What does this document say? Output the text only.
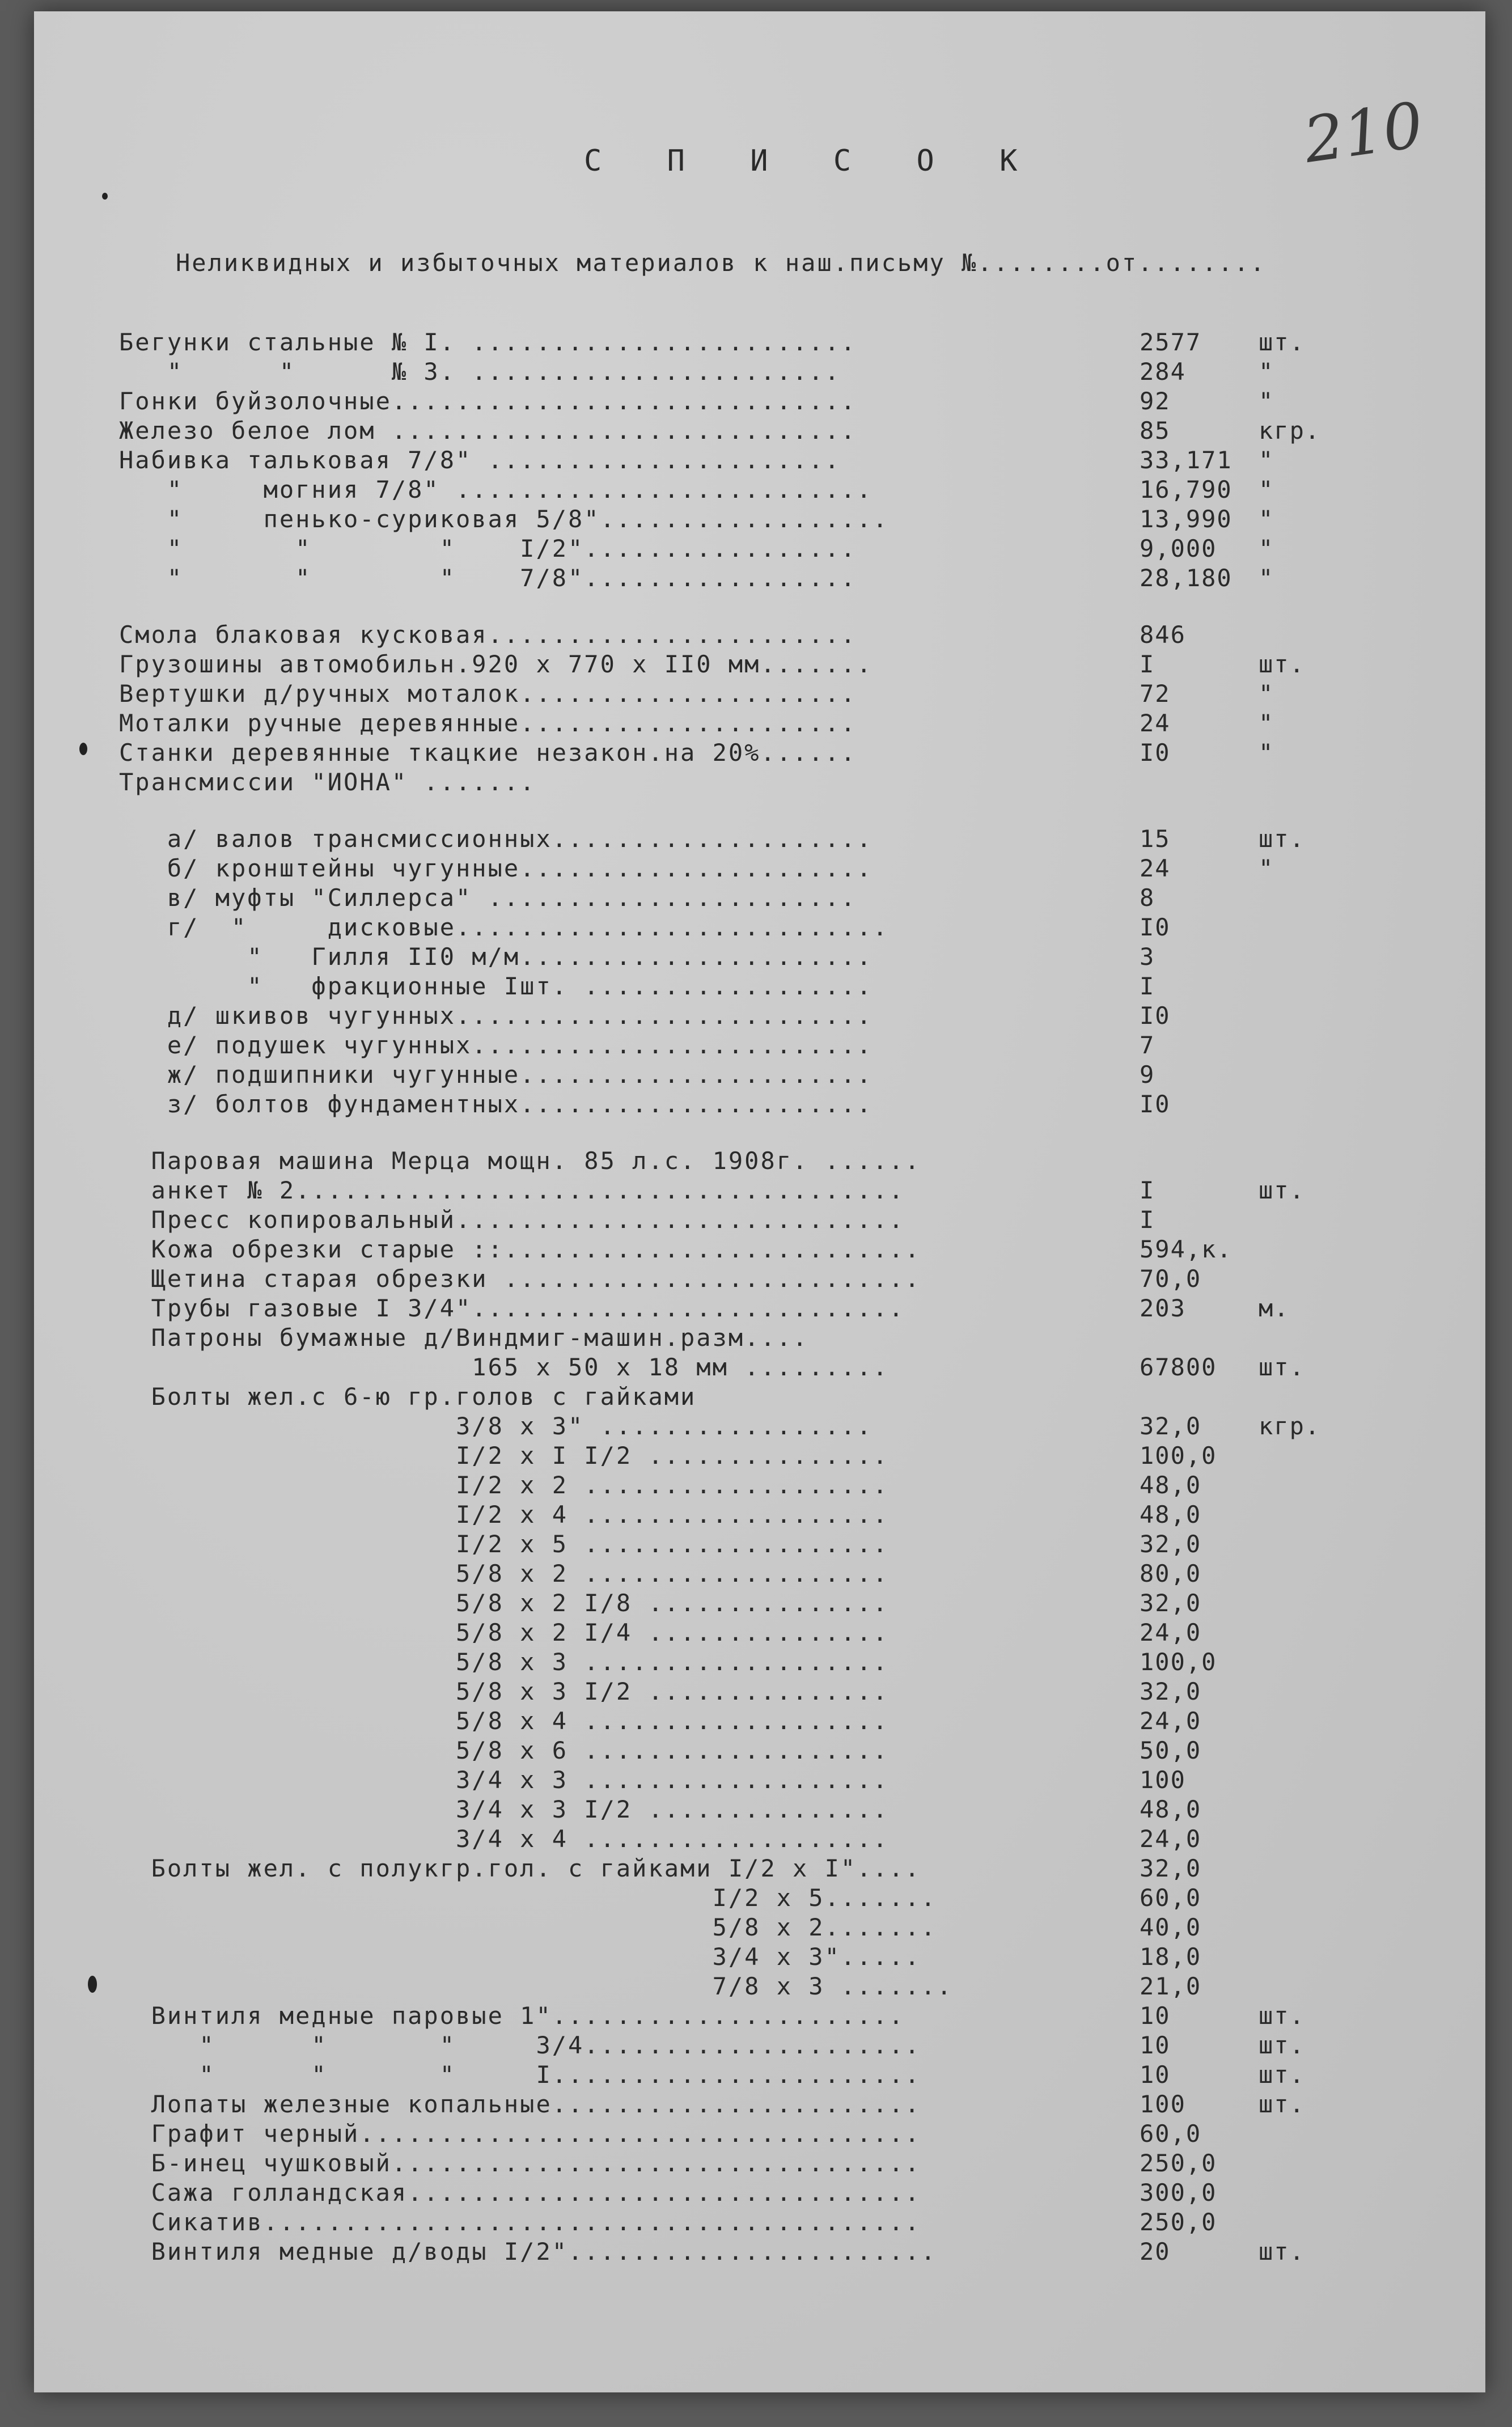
210
С П И С О К
Неликвидных и избыточных материалов к наш.письму №........от........
Бегунки стальные № I. ........................	2577 шт.
"      "      № 3. .......................	284	"
Гонки буйзолочные.............................	92	"
Железо белое лом .............................	85	кгр.
Набивка тальковая 7/8" ......................	33,171 "
"     могния 7/8" ..........................	16,790 "
"     пенько-суриковая 5/8"..................	13,990 "
"       "        "    I/2".................	9,000 "
"       "        "    7/8".................	28,180 "
Смола блаковая кусковая.......................	846
Грузошины автомобильн.920 х 770 х II0 мм.......	I	шт.
Вертушки д/ручных моталок.....................	72	"
Моталки ручные деревянные.....................	24	"
Станки деревянные ткацкие незакон.на 20%......	I0	"
Трансмиссии "ИОНА" .......
а/ валов трансмиссионных....................	15	шт.
б/ кронштейны чугунные......................	24	"
в/ муфты "Силлерса" .......................	8
г/  "     дисковые...........................	I0
"   Гилля II0 м/м......................	3
"   фракционные Iшт. ..................	I
д/ шкивов чугунных..........................	I0
е/ подушек чугунных.........................	7
ж/ подшипники чугунные......................	9
з/ болтов фундаментных......................	I0
Паровая машина Мерца мощн. 85 л.с. 1908г. ......
анкет № 2......................................	I	шт.
Пресс копировальный............................	I
Кожа обрезки старые ::..........................	594,к.
Щетина старая обрезки ..........................	70,0
Трубы газовые I 3/4"...........................	203	м.
Патроны бумажные д/Виндмиг-машин.разм....
165 х 50 х 18 мм .........	67800 шт.
Болты жел.с 6-ю гр.голов с гайками
3/8 х 3" .................	32,0 кгр.
I/2 х I I/2 ...............	100,0
I/2 х 2 ...................	48,0
I/2 х 4 ...................	48,0
I/2 х 5 ...................	32,0
5/8 х 2 ...................	80,0
5/8 х 2 I/8 ...............	32,0
5/8 х 2 I/4 ...............	24,0
5/8 х 3 ...................	100,0
5/8 х 3 I/2 ...............	32,0
5/8 х 4 ...................	24,0
5/8 х 6 ...................	50,0
3/4 х 3 ...................	100
3/4 х 3 I/2 ...............	48,0
3/4 х 4 ...................	24,0
Болты жел. с полукгр.гол. с гайками I/2 х I"....	32,0
I/2 х 5.......	60,0
5/8 х 2.......	40,0
3/4 х 3".....	18,0
7/8 х 3 .......	21,0
Винтиля медные паровые 1"......................	10	шт.
"      "       "     3/4.....................	10	шт.
"      "       "     I.......................	10	шт.
Лопаты железные копальные.......................	100	шт.
Графит черный...................................	60,0
Б-инец чушковый.................................	250,0
Сажа голландская................................	300,0
Сикатив.........................................	250,0
Винтиля медные д/воды I/2".......................	20	шт.
